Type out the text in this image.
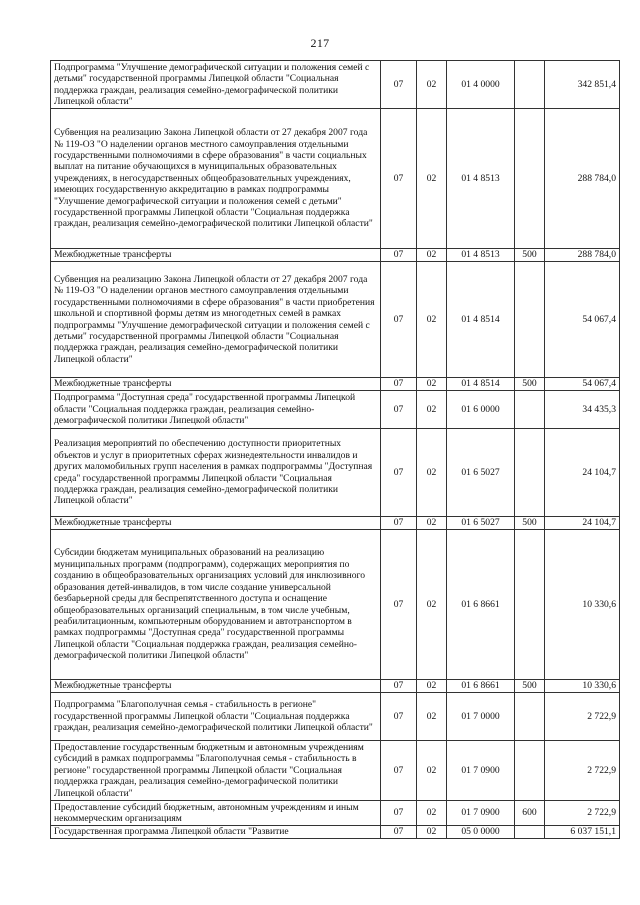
217
Подпрограмма "Улучшение демографической ситуации и положения семей с детьми" государственной программы Липецкой области "Социальная поддержка граждан, реализация семейно-демографической политики Липецкой области"	07	02	01 4 0000		342 851,4
Субвенция на реализацию Закона Липецкой области от 27 декабря 2007 года № 119-ОЗ "О наделении органов местного самоуправления отдельными государственными полномочиями в сфере образования" в части социальных выплат на питание обучающихся в муниципальных образовательных учреждениях, в негосударственных общеобразовательных учреждениях, имеющих государственную аккредитацию в рамках подпрограммы "Улучшение демографической ситуации и положения семей с детьми" государственной программы Липецкой области "Социальная поддержка граждан, реализация семейно-демографической политики Липецкой области"	07	02	01 4 8513		288 784,0
Межбюджетные трансферты	07	02	01 4 8513	500	288 784,0
Субвенция на реализацию Закона Липецкой области от 27 декабря 2007 года № 119-ОЗ "О наделении органов местного самоуправления отдельными государственными полномочиями в сфере образования" в части приобретения школьной и спортивной формы детям из многодетных семей в рамках подпрограммы "Улучшение демографической ситуации и положения семей с детьми" государственной программы Липецкой области "Социальная поддержка граждан, реализация семейно-демографической политики Липецкой области"	07	02	01 4 8514		54 067,4
Межбюджетные трансферты	07	02	01 4 8514	500	54 067,4
Подпрограмма "Доступная среда" государственной программы Липецкой области "Социальная поддержка граждан, реализация семейно-демографической политики Липецкой области"	07	02	01 6 0000		34 435,3
Реализация мероприятий по обеспечению доступности приоритетных объектов и услуг в приоритетных сферах жизнедеятельности инвалидов и других маломобильных групп населения в рамках подпрограммы "Доступная среда" государственной программы Липецкой области "Социальная поддержка граждан, реализация семейно-демографической политики Липецкой области"	07	02	01 6 5027		24 104,7
Межбюджетные трансферты	07	02	01 6 5027	500	24 104,7
Субсидии бюджетам муниципальных образований на реализацию муниципальных программ (подпрограмм), содержащих мероприятия по созданию в общеобразовательных организациях условий для инклюзивного образования детей-инвалидов, в том числе создание универсальной безбарьерной среды для беспрепятственного доступа и оснащение общеобразовательных организаций специальным, в том числе учебным, реабилитационным, компьютерным оборудованием и автотранспортом в рамках подпрограммы "Доступная среда" государственной программы Липецкой области "Социальная поддержка граждан, реализация семейно-демографической политики Липецкой области"	07	02	01 6 8661		10 330,6
Межбюджетные трансферты	07	02	01 6 8661	500	10 330,6
Подпрограмма "Благополучная семья - стабильность в регионе" государственной программы Липецкой области "Социальная поддержка граждан, реализация семейно-демографической политики Липецкой области"	07	02	01 7 0000		2 722,9
Предоставление государственным бюджетным и автономным учреждениям субсидий в рамках подпрограммы "Благополучная семья - стабильность в регионе" государственной программы Липецкой области "Социальная поддержка граждан, реализация семейно-демографической политики Липецкой области"	07	02	01 7 0900		2 722,9
Предоставление субсидий бюджетным, автономным учреждениям и иным некоммерческим организациям	07	02	01 7 0900	600	2 722,9
Государственная программа Липецкой области "Развитие	07	02	05 0 0000		6 037 151,1
